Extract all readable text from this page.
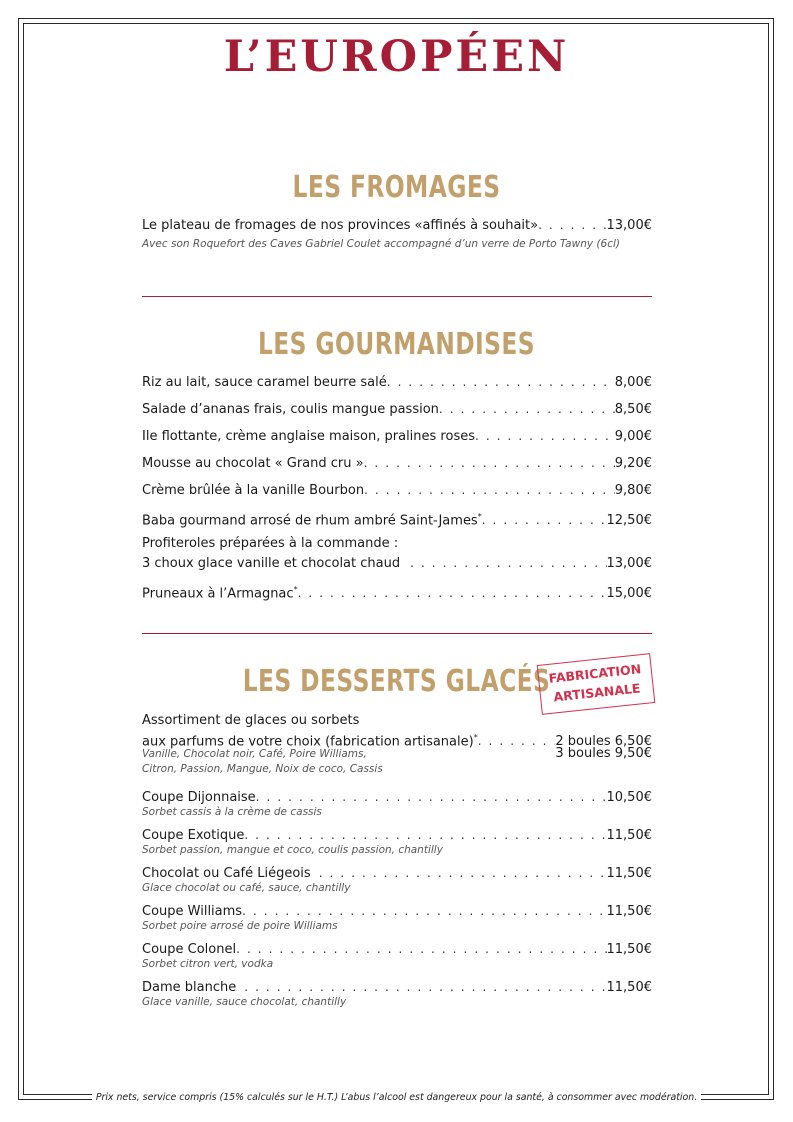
L’EUROPÉEN
LES FROMAGES
Le plateau de fromages de nos provinces «affinés à souhait» . . .	13,00€
Avec son Roquefort des Caves Gabriel Coulet accompagné d’un verre de Porto Tawny (6cl)
LES GOURMANDISES
Riz au lait, sauce caramel beurre salé . . .	8,00€
Salade d’ananas frais, coulis mangue passion . . .	8,50€
Ile flottante, crème anglaise maison, pralines roses . . .	9,00€
Mousse au chocolat « Grand cru » . . .	9,20€
Crème brûlée à la vanille Bourbon . . .	9,80€
Baba gourmand arrosé de rhum ambré Saint-James* . . .	12,50€
Profiteroles préparées à la commande :
3 choux glace vanille et chocolat chaud . . .	13,00€
Pruneaux à l’Armagnac* . . .	15,00€
LES DESSERTS GLACÉS
FABRICATION
ARTISANALE
Assortiment de glaces ou sorbets
aux parfums de votre choix (fabrication artisanale)* . . .	2 boules 6,50€
3 boules 9,50€
Vanille, Chocolat noir, Café, Poire Williams,
Citron, Passion, Mangue, Noix de coco, Cassis
Coupe Dijonnaise . . .	10,50€
Sorbet cassis à la crème de cassis
Coupe Exotique . . .	11,50€
Sorbet passion, mangue et coco, coulis passion, chantilly
Chocolat ou Café Liégeois . . .	11,50€
Glace chocolat ou café, sauce, chantilly
Coupe Williams . . .	11,50€
Sorbet poire arrosé de poire Williams
Coupe Colonel . . .	11,50€
Sorbet citron vert, vodka
Dame blanche . . .	11,50€
Glace vanille, sauce chocolat, chantilly
Prix nets, service compris (15% calculés sur le H.T.) L’abus l’alcool est dangereux pour la santé, à consommer avec modération.
